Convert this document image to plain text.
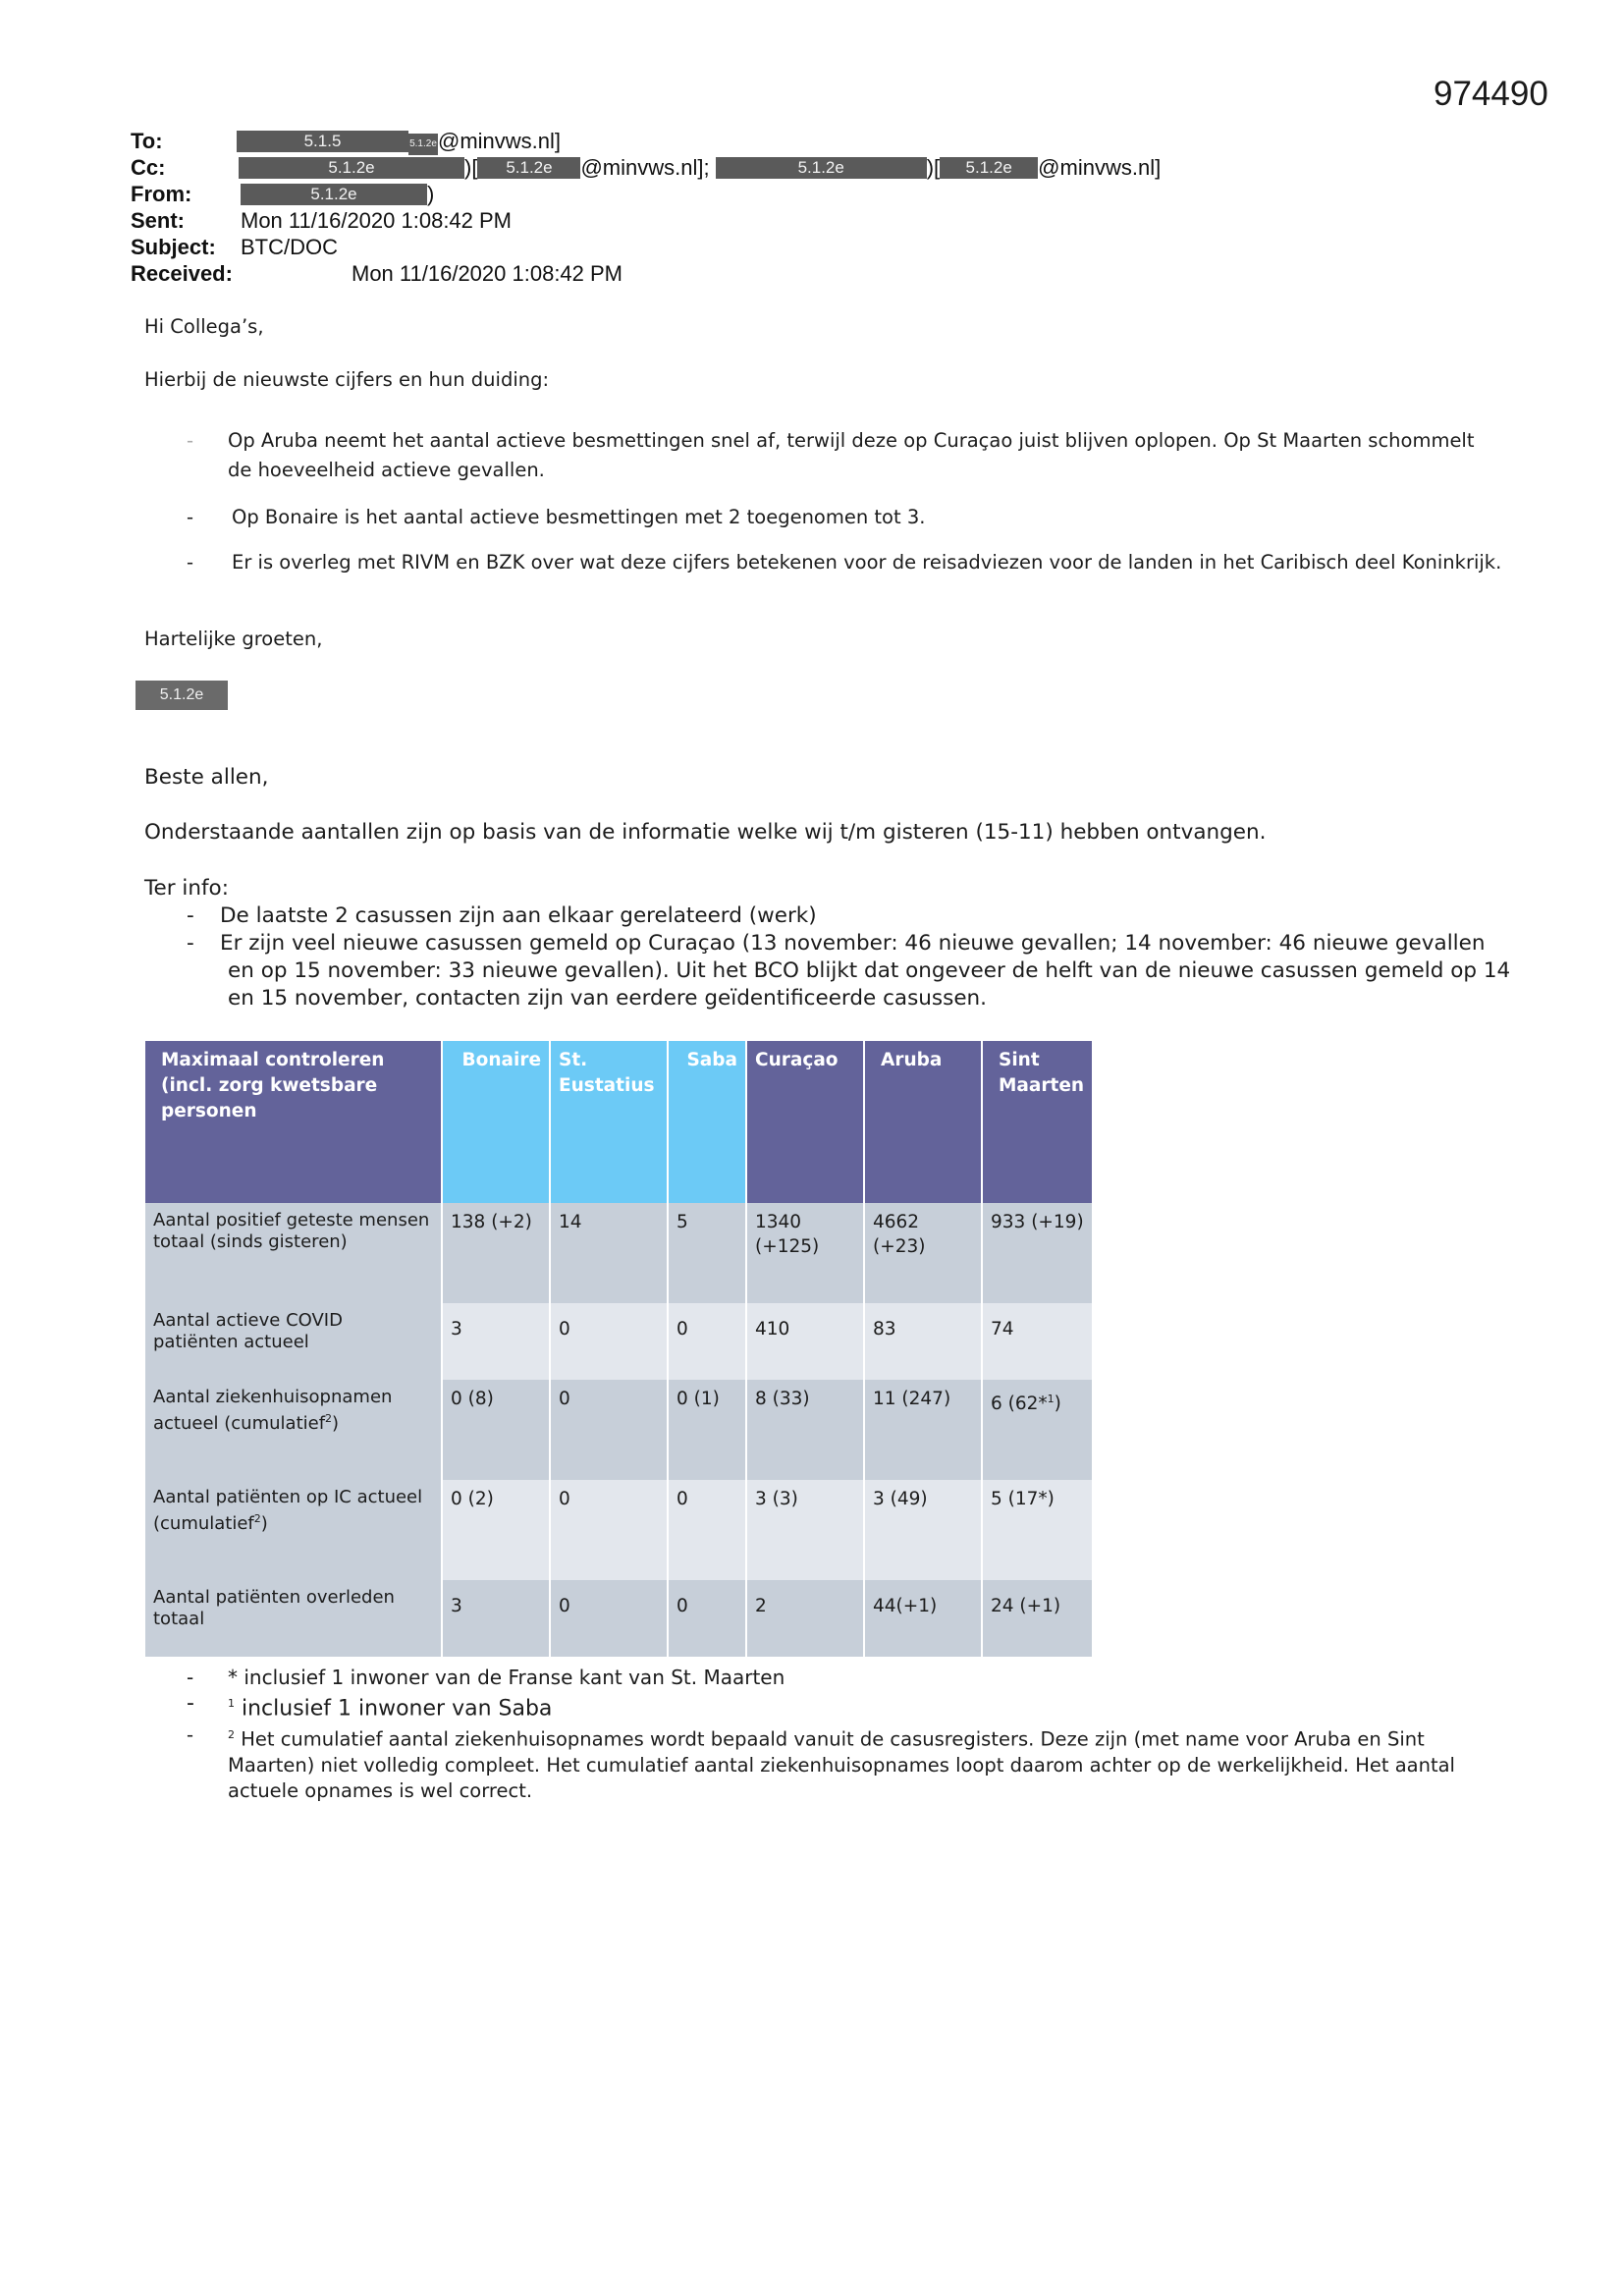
974490
To:	5.1.5	5.1.2e@minvws.nl]
Cc:	5.1.2e	)[ 5.1.2e @minvws.nl];	5.1.2e	)[ 5.1.2e @minvws.nl]
From:	5.1.2e	)
Sent:	Mon 11/16/2020 1:08:42 PM
Subject: BTC/DOC
Received:	Mon 11/16/2020 1:08:42 PM
Hi Collega’s,
Hierbij de nieuwste cijfers en hun duiding:
- Op Aruba neemt het aantal actieve besmettingen snel af, terwijl deze op Curaçao juist blijven oplopen. Op St Maarten schommelt de hoeveelheid actieve gevallen.
- Op Bonaire is het aantal actieve besmettingen met 2 toegenomen tot 3.
- Er is overleg met RIVM en BZK over wat deze cijfers betekenen voor de reisadviezen voor de landen in het Caribisch deel Koninkrijk.
Hartelijke groeten,
5.1.2e
Beste allen,
Onderstaande aantallen zijn op basis van de informatie welke wij t/m gisteren (15-11) hebben ontvangen.
Ter info:
- De laatste 2 casussen zijn aan elkaar gerelateerd (werk)
- Er zijn veel nieuwe casussen gemeld op Curaçao (13 november: 46 nieuwe gevallen; 14 november: 46 nieuwe gevallen en op 15 november: 33 nieuwe gevallen). Uit het BCO blijkt dat ongeveer de helft van de nieuwe casussen gemeld op 14 en 15 november, contacten zijn van eerdere geïdentificeerde casussen.
Maximaal controleren (incl. zorg kwetsbare personen	Bonaire	St. Eustatius	Saba	Curaçao	Aruba	Sint Maarten
Aantal positief geteste mensen totaal (sinds gisteren)	138 (+2)	14	5	1340 (+125)	4662 (+23)	933 (+19)
Aantal actieve COVID patiënten actueel	3	0	0	410	83	74
Aantal ziekenhuisopnamen actueel (cumulatief$^2$)	0 (8)	0	0 (1)	8 (33)	11 (247)	6 (62*$^1$)
Aantal patiënten op IC actueel (cumulatief$^2$)	0 (2)	0	0	3 (3)	3 (49)	5 (17*)
Aantal patiënten overleden totaal	3	0	0	2	44(+1)	24 (+1)
- * inclusief 1 inwoner van de Franse kant van St. Maarten
-	$^1$ inclusief 1 inwoner van Saba
-	$^2$ Het cumulatief aantal ziekenhuisopnames wordt bepaald vanuit de casusregisters. Deze zijn (met name voor Aruba en Sint Maarten) niet volledig compleet. Het cumulatief aantal ziekenhuisopnames loopt daarom achter op de werkelijkheid. Het aantal actuele opnames is wel correct.
